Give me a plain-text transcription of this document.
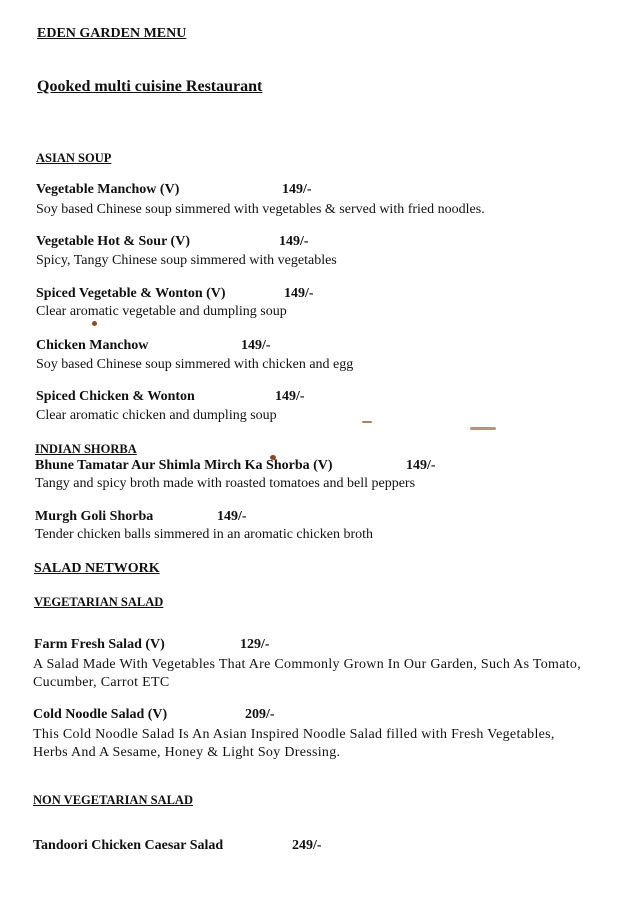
EDEN GARDEN MENU
Qooked multi cuisine Restaurant
ASIAN SOUP
Vegetable Manchow (V)	149/-
Soy based Chinese soup simmered with vegetables & served with fried noodles.
Vegetable Hot & Sour (V)	149/-
Spicy, Tangy Chinese soup simmered with vegetables
Spiced Vegetable & Wonton (V)	149/-
Clear aromatic vegetable and dumpling soup
Chicken Manchow	149/-
Soy based Chinese soup simmered with chicken and egg
Spiced Chicken & Wonton	149/-
Clear aromatic chicken and dumpling soup
INDIAN SHORBA
Bhune Tamatar Aur Shimla Mirch Ka Shorba (V)	149/-
Tangy and spicy broth made with roasted tomatoes and bell peppers
Murgh Goli Shorba	149/-
Tender chicken balls simmered in an aromatic chicken broth
SALAD NETWORK
VEGETARIAN SALAD
Farm Fresh Salad (V)	129/-
A Salad Made With Vegetables That Are Commonly Grown In Our Garden, Such As Tomato, Cucumber, Carrot ETC
Cold Noodle Salad (V)	209/-
This Cold Noodle Salad Is An Asian Inspired Noodle Salad filled with Fresh Vegetables, Herbs And A Sesame, Honey & Light Soy Dressing.
NON VEGETARIAN SALAD
Tandoori Chicken Caesar Salad	249/-
